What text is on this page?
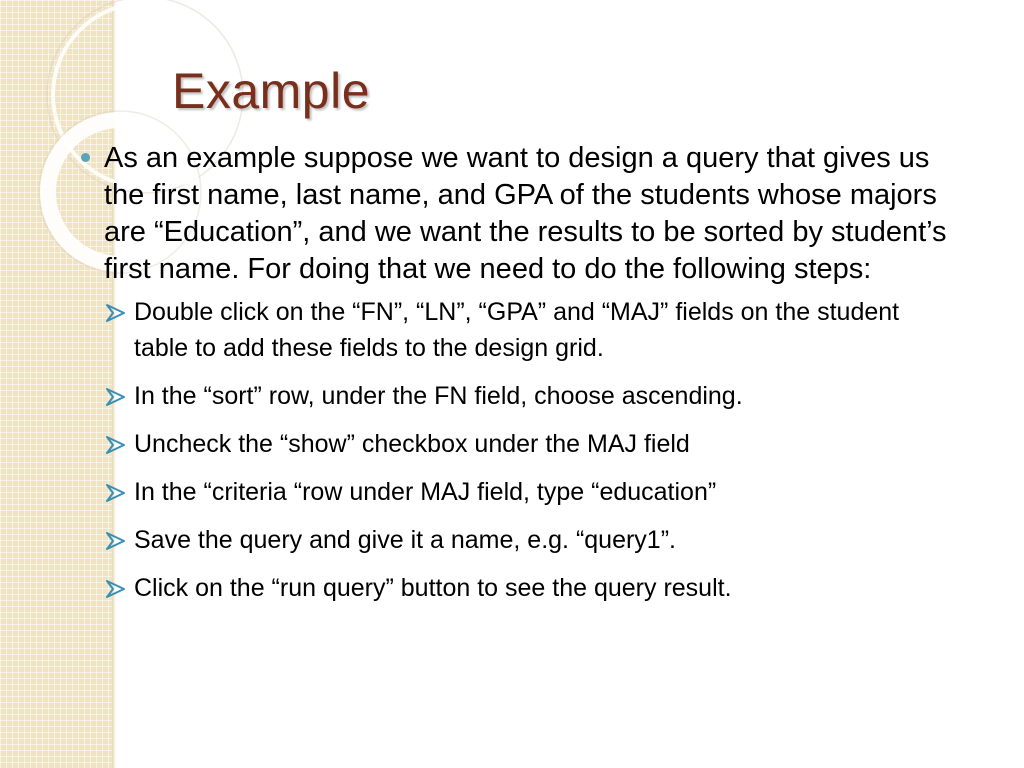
Example
As an example suppose we want to design a query that gives us the first name, last name, and GPA of the students whose majors are “Education”, and we want the results to be sorted by student’s first name. For doing that we need to do the following steps:
Double click on the “FN”, “LN”, “GPA” and “MAJ” fields on the student table to add these fields to the design grid.
In the “sort” row, under the FN field, choose ascending.
Uncheck the “show” checkbox under the MAJ field
In the “criteria “row under MAJ field, type “education”
Save the query and give it a name, e.g. “query1”.
Click on the “run query” button to see the query result.
